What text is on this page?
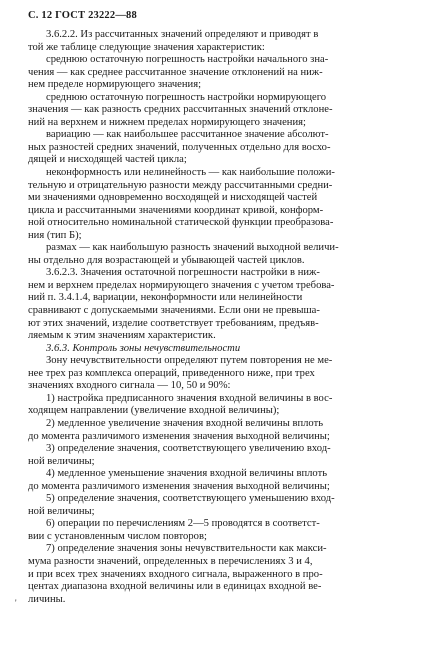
С. 12 ГОСТ 23222—88
3.6.2.2. Из рассчитанных значений определяют и приводят в
той же таблице следующие значения характеристик:
среднюю остаточную погрешность настройки начального зна-
чения — как среднее рассчитанное значение отклонений на ниж-
нем пределе нормирующего значения;
среднюю остаточную погрешность настройки нормирующего
значения — как разность средних рассчитанных значений отклоне-
ний на верхнем и нижнем пределах нормирующего значения;
вариацию — как наибольшее рассчитанное значение абсолют-
ных разностей средних значений, полученных отдельно для восхо-
дящей и нисходящей частей цикла;
неконформность или нелинейность — как наибольшие положи-
тельную и отрицательную разности между рассчитанными средни-
ми значениями одновременно восходящей и нисходящей частей
цикла и рассчитанными значениями координат кривой, конформ-
ной относительно номинальной статической функции преобразова-
ния (тип Б);
размах — как наибольшую разность значений выходной величи-
ны отдельно для возрастающей и убывающей частей циклов.
3.6.2.3. Значения остаточной погрешности настройки в ниж-
нем и верхнем пределах нормирующего значения с учетом требова-
ний п. 3.4.1.4, вариации, неконформности или нелинейности
сравнивают с допускаемыми значениями. Если они не превыша-
ют этих значений, изделие соответствует требованиям, предъяв-
ляемым к этим значениям характеристик.
3.6.3. Контроль зоны нечувствительности
Зону нечувствительности определяют путем повторения не ме-
нее трех раз комплекса операций, приведенного ниже, при трех
значениях входного сигнала — 10, 50 и 90%:
1) настройка предписанного значения входной величины в вос-
ходящем направлении (увеличение входной величины);
2) медленное увеличение значения входной величины вплоть
до момента различимого изменения значения выходной величины;
3) определение значения, соответствующего увеличению вход-
ной величины;
4) медленное уменьшение значения входной величины вплоть
до момента различимого изменения значения выходной величины;
5) определение значения, соответствующего уменьшению вход-
ной величины;
6) операции по перечислениям 2—5 проводятся в соответст-
вии с установленным числом повторов;
7) определение значения зоны нечувствительности как макси-
мума разности значений, определенных в перечислениях 3 и 4,
и при всех трех значениях входного сигнала, выраженного в про-
центах диапазона входной величины или в единицах входной ве-
личины.
'
